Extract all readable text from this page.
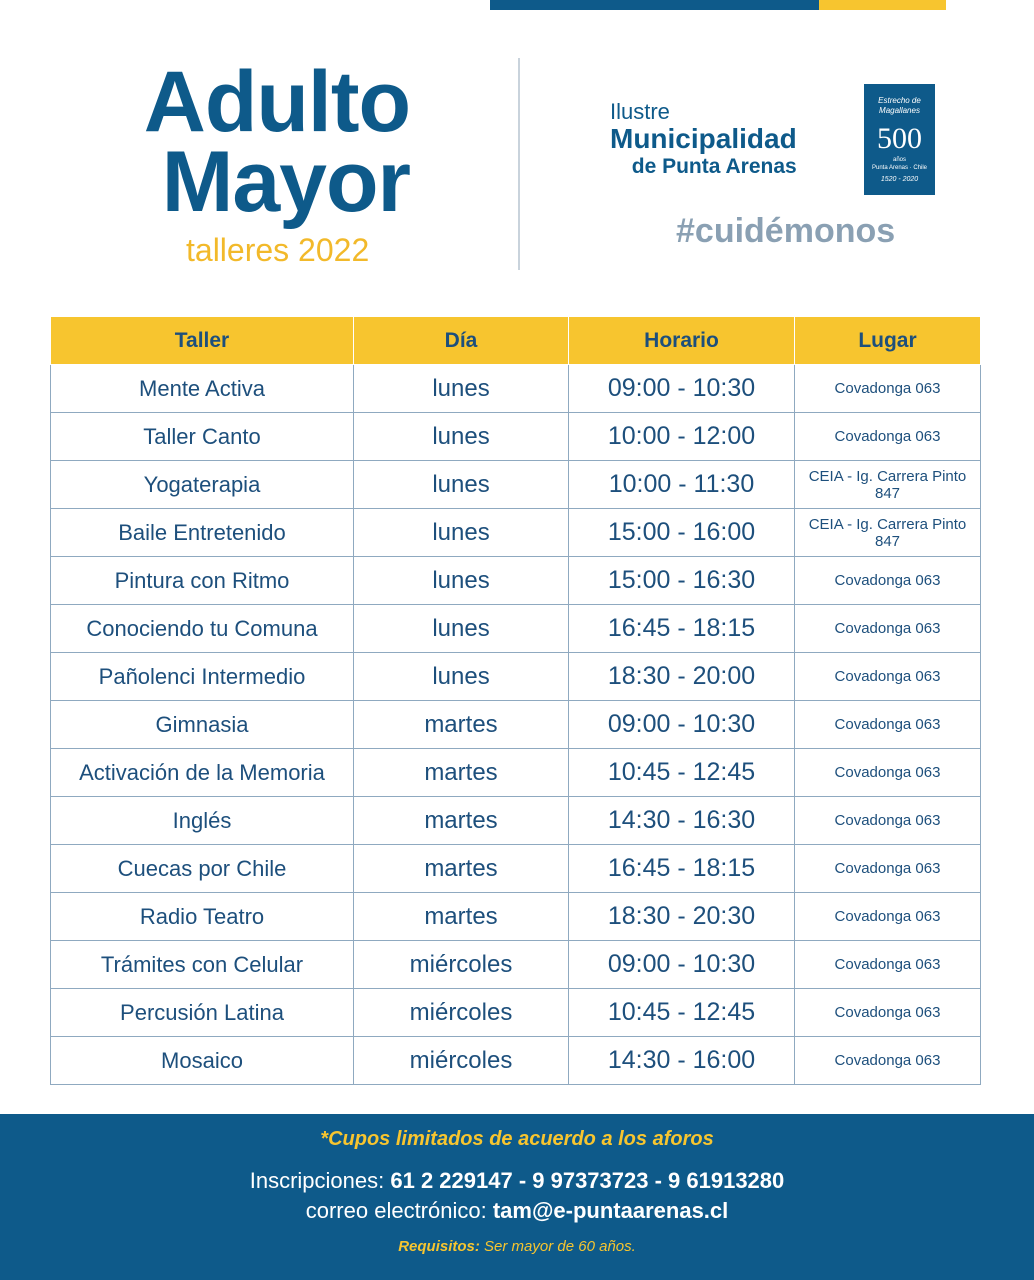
Adulto
Mayor
talleres 2022
Ilustre
Municipalidad
de Punta Arenas
Estrecho de Magallanes
500
años
Punta Arenas · Chile
1520 - 2020
#cuidémonos
Taller	Día	Horario	Lugar
Mente Activa	lunes	09:00 - 10:30	Covadonga 063
Taller Canto	lunes	10:00 - 12:00	Covadonga 063
Yogaterapia	lunes	10:00 - 11:30	CEIA - Ig. Carrera Pinto 847
Baile Entretenido	lunes	15:00 - 16:00	CEIA - Ig. Carrera Pinto 847
Pintura con Ritmo	lunes	15:00 - 16:30	Covadonga 063
Conociendo tu Comuna	lunes	16:45 - 18:15	Covadonga 063
Pañolenci Intermedio	lunes	18:30 - 20:00	Covadonga 063
Gimnasia	martes	09:00 - 10:30	Covadonga 063
Activación de la Memoria	martes	10:45 - 12:45	Covadonga 063
Inglés	martes	14:30 - 16:30	Covadonga 063
Cuecas por Chile	martes	16:45 - 18:15	Covadonga 063
Radio Teatro	martes	18:30 - 20:30	Covadonga 063
Trámites con Celular	miércoles	09:00 - 10:30	Covadonga 063
Percusión Latina	miércoles	10:45 - 12:45	Covadonga 063
Mosaico	miércoles	14:30 - 16:00	Covadonga 063
*Cupos limitados de acuerdo a los aforos
Inscripciones: 61 2 229147 - 9 97373723 - 9 61913280
correo electrónico: tam@e-puntaarenas.cl
Requisitos: Ser mayor de 60 años.
